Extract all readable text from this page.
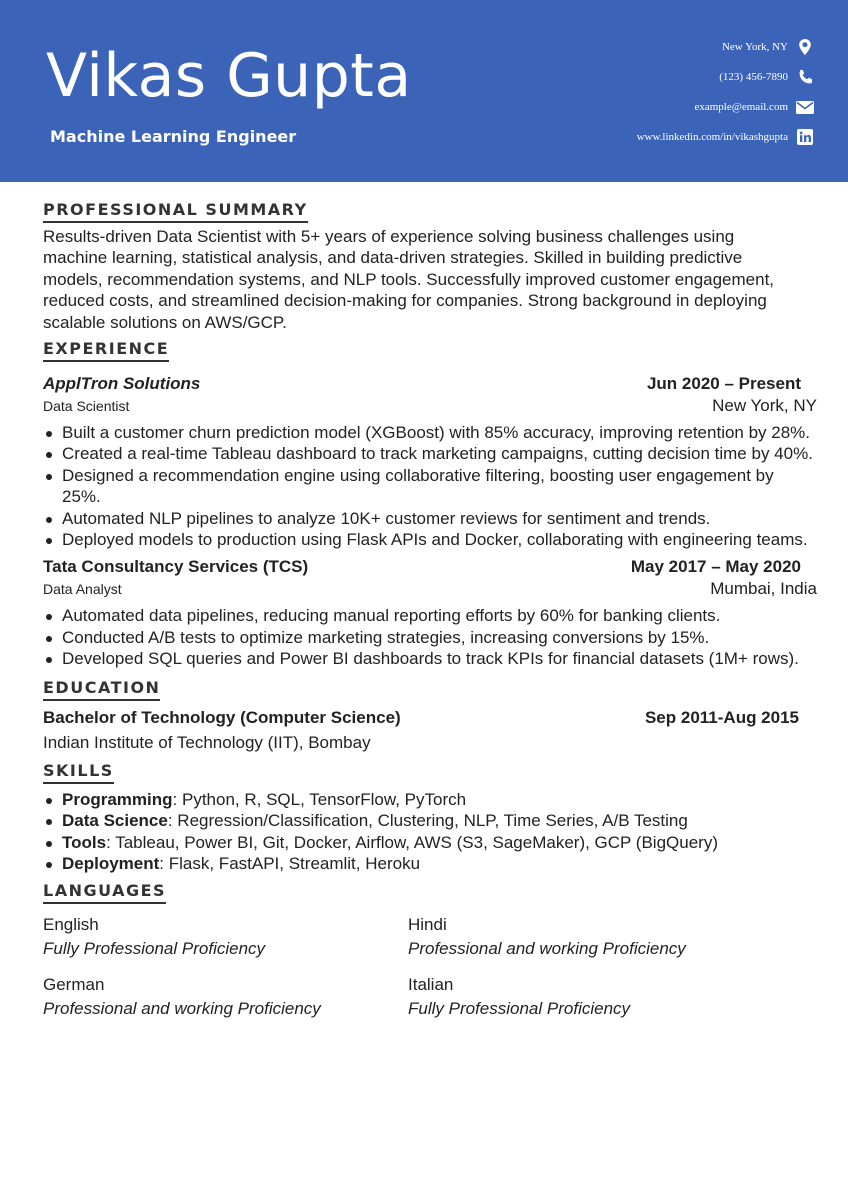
Vikas Gupta
Machine Learning Engineer
New York, NY
(123) 456-7890
example@email.com
www.linkedin.com/in/vikashgupta
PROFESSIONAL SUMMARY

Results-driven Data Scientist with 5+ years of experience solving business challenges using machine learning, statistical analysis, and data-driven strategies. Skilled in building predictive models, recommendation systems, and NLP tools. Successfully improved customer engagement, reduced costs, and streamlined decision-making for companies. Strong background in deploying scalable solutions on AWS/GCP.

EXPERIENCE
ApplTron Solutions	Jun 2020 – Present
Data Scientist	New York, NY
Built a customer churn prediction model (XGBoost) with 85% accuracy, improving retention by 28%.
Created a real-time Tableau dashboard to track marketing campaigns, cutting decision time by 40%.
Designed a recommendation engine using collaborative filtering, boosting user engagement by 25%.
Automated NLP pipelines to analyze 10K+ customer reviews for sentiment and trends.
Deployed models to production using Flask APIs and Docker, collaborating with engineering teams.
Tata Consultancy Services (TCS)	May 2017 – May 2020
Data Analyst	Mumbai, India
Automated data pipelines, reducing manual reporting efforts by 60% for banking clients.
Conducted A/B tests to optimize marketing strategies, increasing conversions by 15%.
Developed SQL queries and Power BI dashboards to track KPIs for financial datasets (1M+ rows).
EDUCATION
Bachelor of Technology (Computer Science)	Sep 2011-Aug 2015
Indian Institute of Technology (IIT), Bombay
SKILLS
Programming: Python, R, SQL, TensorFlow, PyTorch
Data Science: Regression/Classification, Clustering, NLP, Time Series, A/B Testing
Tools: Tableau, Power BI, Git, Docker, Airflow, AWS (S3, SageMaker), GCP (BigQuery)
Deployment: Flask, FastAPI, Streamlit, Heroku
LANGUAGES
English
Fully Professional Proficiency
Hindi
Professional and working Proficiency
German
Professional and working Proficiency
Italian
Fully Professional Proficiency
